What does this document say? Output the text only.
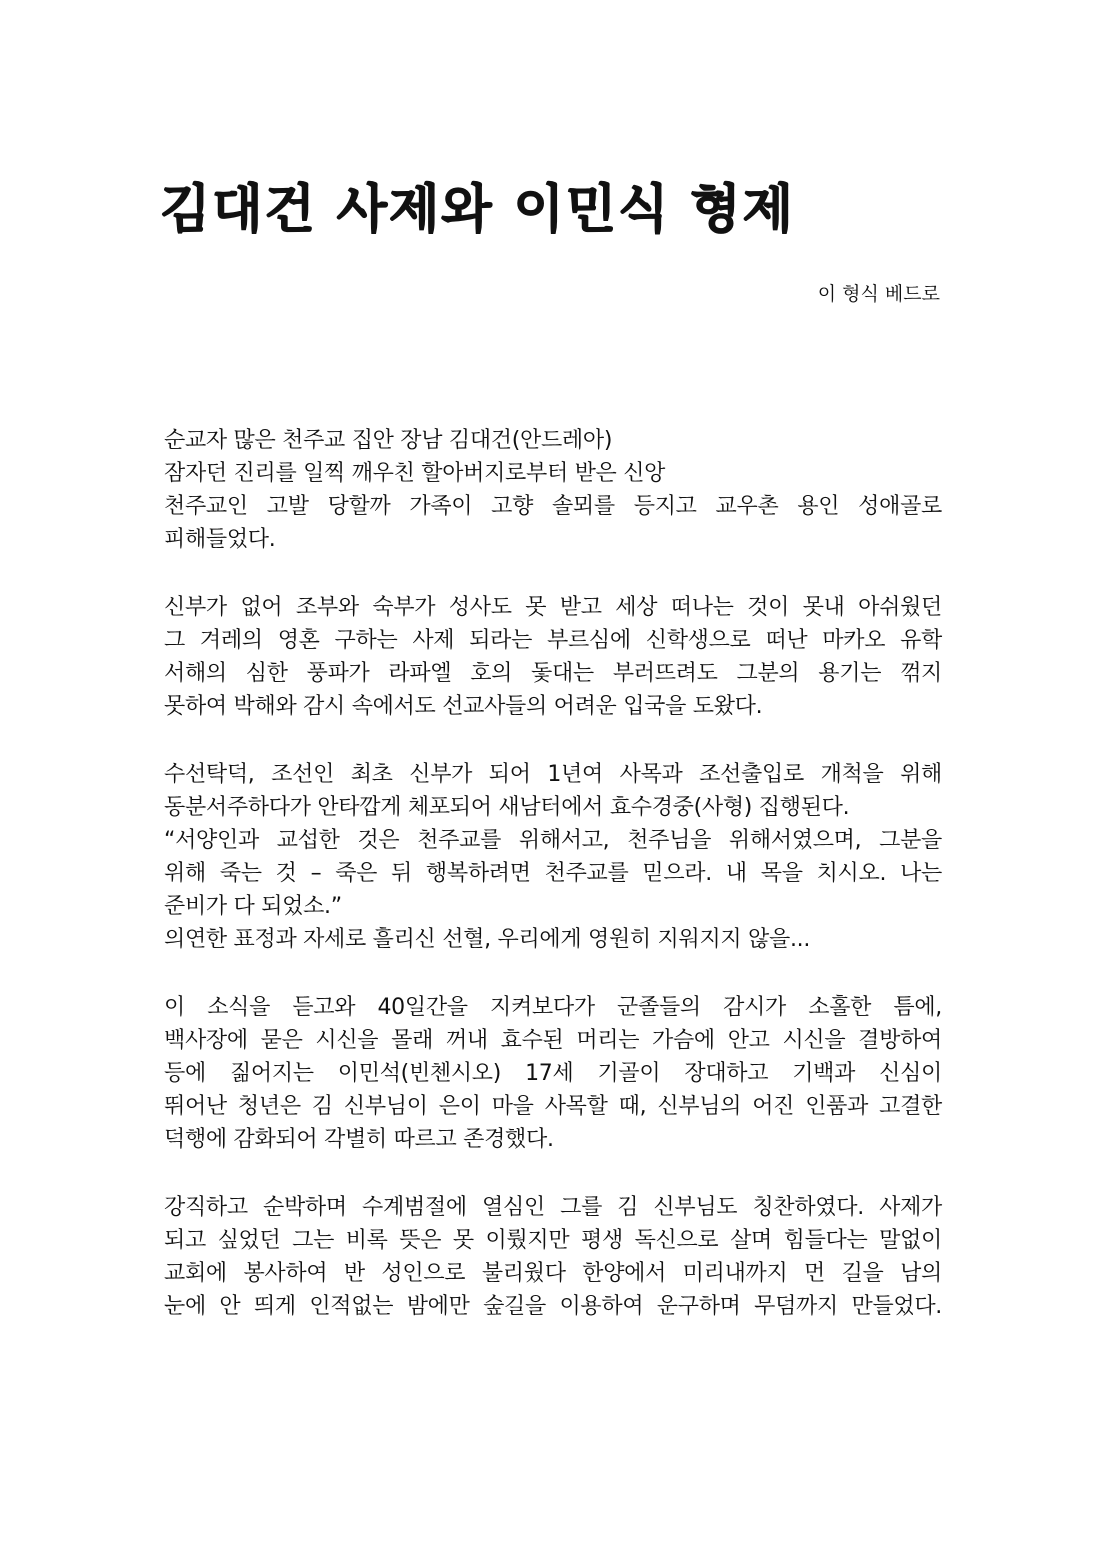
김대건 사제와 이민식 형제

이 형식 베드로

순교자 많은 천주교 집안 장남 김대건(안드레아)
잠자던 진리를 일찍 깨우친 할아버지로부터 받은 신앙
천주교인 고발 당할까 가족이 고향 솔뫼를 등지고 교우촌 용인 성애골로
피해들었다.

신부가 없어 조부와 숙부가 성사도 못 받고 세상 떠나는 것이 못내 아쉬웠던
그 겨레의 영혼 구하는 사제 되라는 부르심에 신학생으로 떠난 마카오 유학
서해의 심한 풍파가 라파엘 호의 돛대는 부러뜨려도 그분의 용기는 꺾지
못하여 박해와 감시 속에서도 선교사들의 어려운 입국을 도왔다.

수선탁덕, 조선인 최초 신부가 되어 1년여 사목과 조선출입로 개척을 위해
동분서주하다가 안타깝게 체포되어 새남터에서 효수경중(사형) 집행된다.
“서양인과 교섭한 것은 천주교를 위해서고, 천주님을 위해서였으며, 그분을
위해 죽는 것 – 죽은 뒤 행복하려면 천주교를 믿으라. 내 목을 치시오. 나는
준비가 다 되었소.”
의연한 표정과 자세로 흘리신 선혈, 우리에게 영원히 지워지지 않을...

이 소식을 듣고와 40일간을 지켜보다가 군졸들의 감시가 소홀한 틈에,
백사장에 묻은 시신을 몰래 꺼내 효수된 머리는 가슴에 안고 시신을 결방하여
등에 짊어지는 이민석(빈첸시오) 17세 기골이 장대하고 기백과 신심이
뛰어난 청년은 김 신부님이 은이 마을 사목할 때, 신부님의 어진 인품과 고결한
덕행에 감화되어 각별히 따르고 존경했다.

강직하고 순박하며 수계범절에 열심인 그를 김 신부님도 칭찬하였다. 사제가
되고 싶었던 그는 비록 뜻은 못 이뤘지만 평생 독신으로 살며 힘들다는 말없이
교회에 봉사하여 반 성인으로 불리웠다 한양에서 미리내까지 먼 길을 남의
눈에 안 띄게 인적없는 밤에만 숲길을 이용하여 운구하며 무덤까지 만들었다.
